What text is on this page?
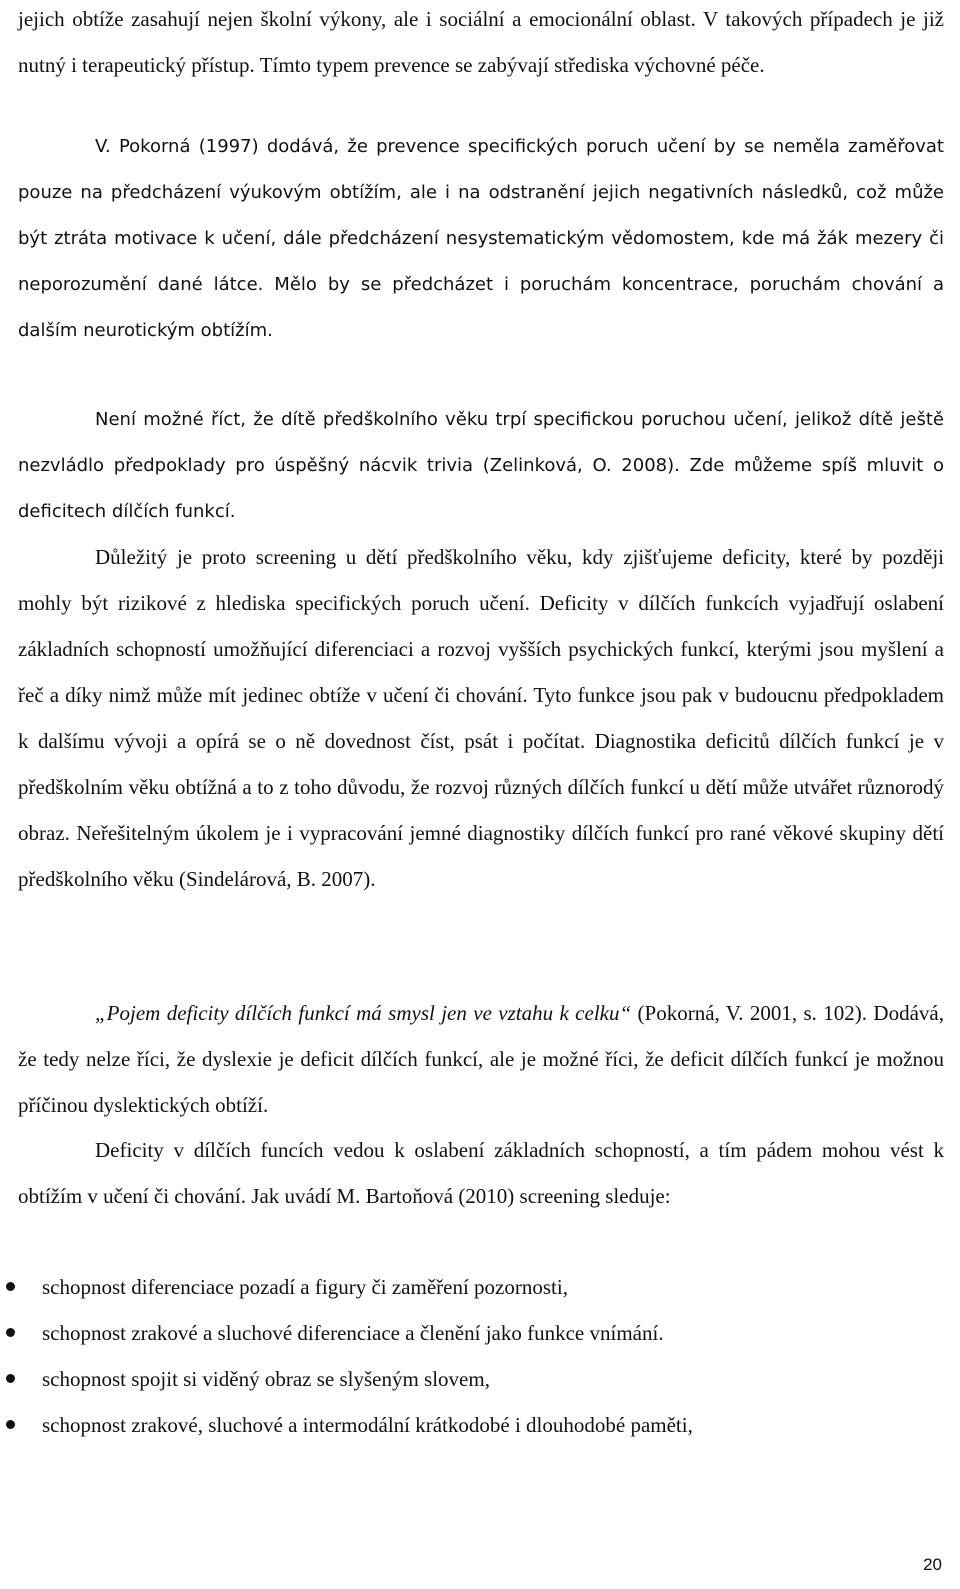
jejich obtíže zasahují nejen školní výkony, ale i sociální a emocionální oblast. V takových případech je již nutný i terapeutický přístup. Tímto typem prevence se zabývají střediska výchovné péče.

V. Pokorná (1997) dodává, že prevence specifických poruch učení by se neměla zaměřovat pouze na předcházení výukovým obtížím, ale i na odstranění jejich negativních následků, což může být ztráta motivace k učení, dále předcházení nesystematickým vědomostem, kde má žák mezery či neporozumění dané látce. Mělo by se předcházet i poruchám koncentrace, poruchám chování a dalším neurotickým obtížím.

Není možné říct, že dítě předškolního věku trpí specifickou poruchou učení, jelikož dítě ještě nezvládlo předpoklady pro úspěšný nácvik trivia (Zelinková, O. 2008). Zde můžeme spíš mluvit o deficitech dílčích funkcí.

Důležitý je proto screening u dětí předškolního věku, kdy zjišťujeme deficity, které by později mohly být rizikové z hlediska specifických poruch učení. Deficity v dílčích funkcích vyjadřují oslabení základních schopností umožňující diferenciaci a rozvoj vyšších psychických funkcí, kterými jsou myšlení a řeč a díky nimž může mít jedinec obtíže v učení či chování. Tyto funkce jsou pak v budoucnu předpokladem k dalšímu vývoji a opírá se o ně dovednost číst, psát i počítat. Diagnostika deficitů dílčích funkcí je v předškolním věku obtížná a to z toho důvodu, že rozvoj různých dílčích funkcí u dětí může utvářet různorodý obraz. Neřešitelným úkolem je i vypracování jemné diagnostiky dílčích funkcí pro rané věkové skupiny dětí předškolního věku (Sindelárová, B. 2007).

„Pojem deficity dílčích funkcí má smysl jen ve vztahu k celku“ (Pokorná, V. 2001, s. 102). Dodává, že tedy nelze říci, že dyslexie je deficit dílčích funkcí, ale je možné říci, že deficit dílčích funkcí je možnou příčinou dyslektických obtíží.

Deficity v dílčích funcích vedou k oslabení základních schopností, a tím pádem mohou vést k obtížím v učení či chování. Jak uvádí M. Bartoňová (2010) screening sleduje:

schopnost diferenciace pozadí a figury či zaměření pozornosti,
schopnost zrakové a sluchové diferenciace a členění jako funkce vnímání.
schopnost spojit si viděný obraz se slyšeným slovem,
schopnost zrakové, sluchové a intermodální krátkodobé i dlouhodobé paměti,
20
